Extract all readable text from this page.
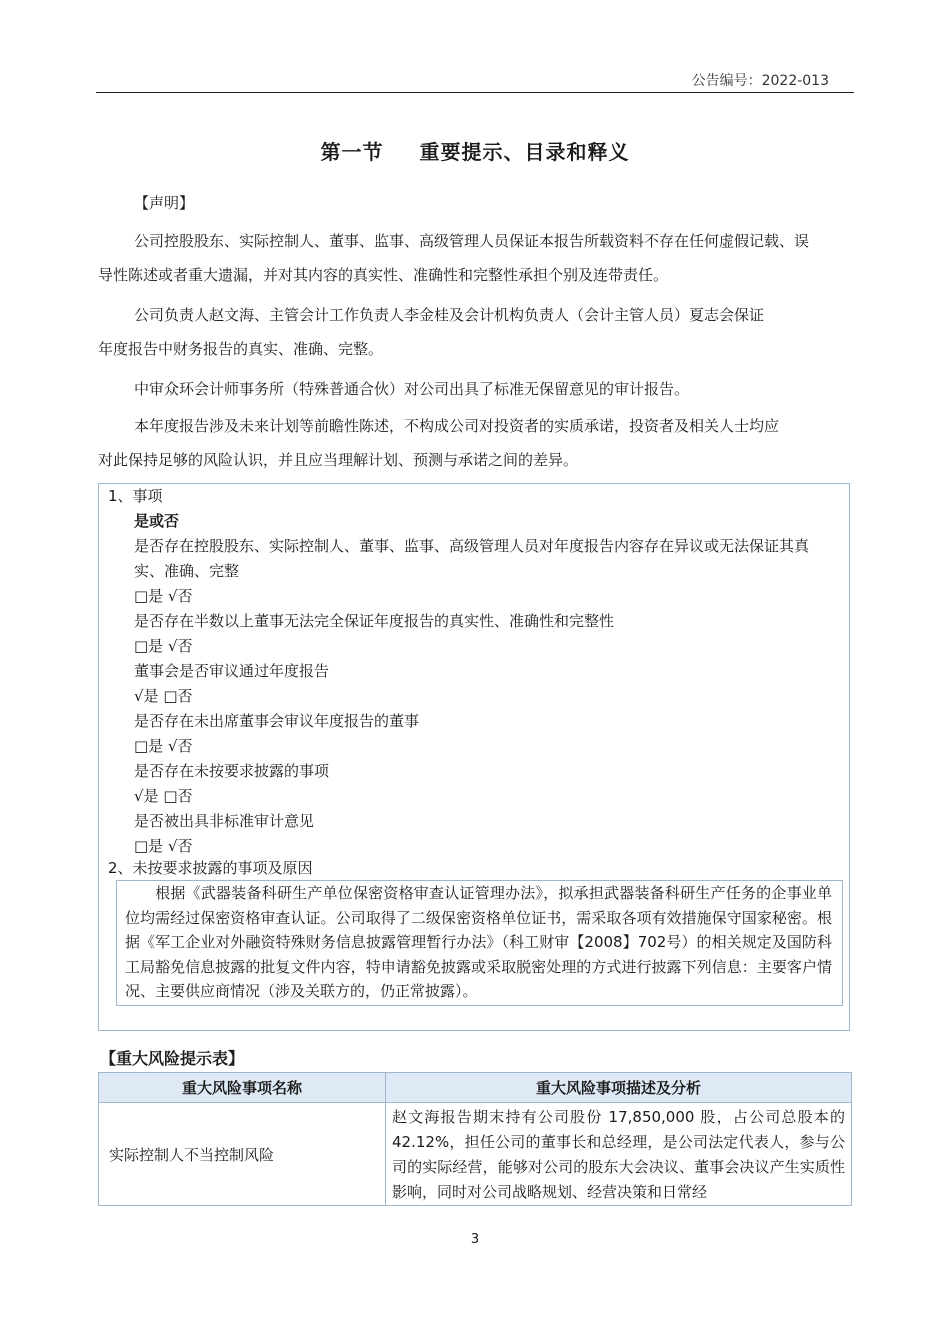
公告编号：2022-013
第一节 重要提示、目录和释义
【声明】
公司控股股东、实际控制人、董事、监事、高级管理人员保证本报告所载资料不存在任何虚假记载、误
导性陈述或者重大遗漏，并对其内容的真实性、准确性和完整性承担个别及连带责任。
公司负责人赵文海、主管会计工作负责人李金桂及会计机构负责人（会计主管人员）夏志会保证
年度报告中财务报告的真实、准确、完整。
中审众环会计师事务所（特殊普通合伙）对公司出具了标准无保留意见的审计报告。
本年度报告涉及未来计划等前瞻性陈述，不构成公司对投资者的实质承诺，投资者及相关人士均应
对此保持足够的风险认识，并且应当理解计划、预测与承诺之间的差异。
1、事项
是或否
是否存在控股股东、实际控制人、董事、监事、高级管理人员对年度报告内容存在异议或无法保证其真
实、准确、完整
□是 √否
是否存在半数以上董事无法完全保证年度报告的真实性、准确性和完整性
□是 √否
董事会是否审议通过年度报告
√是 □否
是否存在未出席董事会审议年度报告的董事
□是 √否
是否存在未按要求披露的事项
√是 □否
是否被出具非标准审计意见
□是 √否
2、未按要求披露的事项及原因
根据《武器装备科研生产单位保密资格审查认证管理办法》，拟承担武器装备科研生产任务的企事业单位均需经过保密资格审查认证。公司取得了二级保密资格单位证书，需采取各项有效措施保守国家秘密。根据《军工企业对外融资特殊财务信息披露管理暂行办法》（科工财审【2008】702号）的相关规定及国防科工局豁免信息披露的批复文件内容，特申请豁免披露或采取脱密处理的方式进行披露下列信息：主要客户情况、主要供应商情况（涉及关联方的，仍正常披露）。
【重大风险提示表】
重大风险事项名称	重大风险事项描述及分析
实际控制人不当控制风险	赵文海报告期末持有公司股份 17,850,000 股，占公司总股本的 42.12%，担任公司的董事长和总经理，是公司法定代表人，参与公司的实际经营，能够对公司的股东大会决议、董事会决议产生实质性影响，同时对公司战略规划、经营决策和日常经
3
